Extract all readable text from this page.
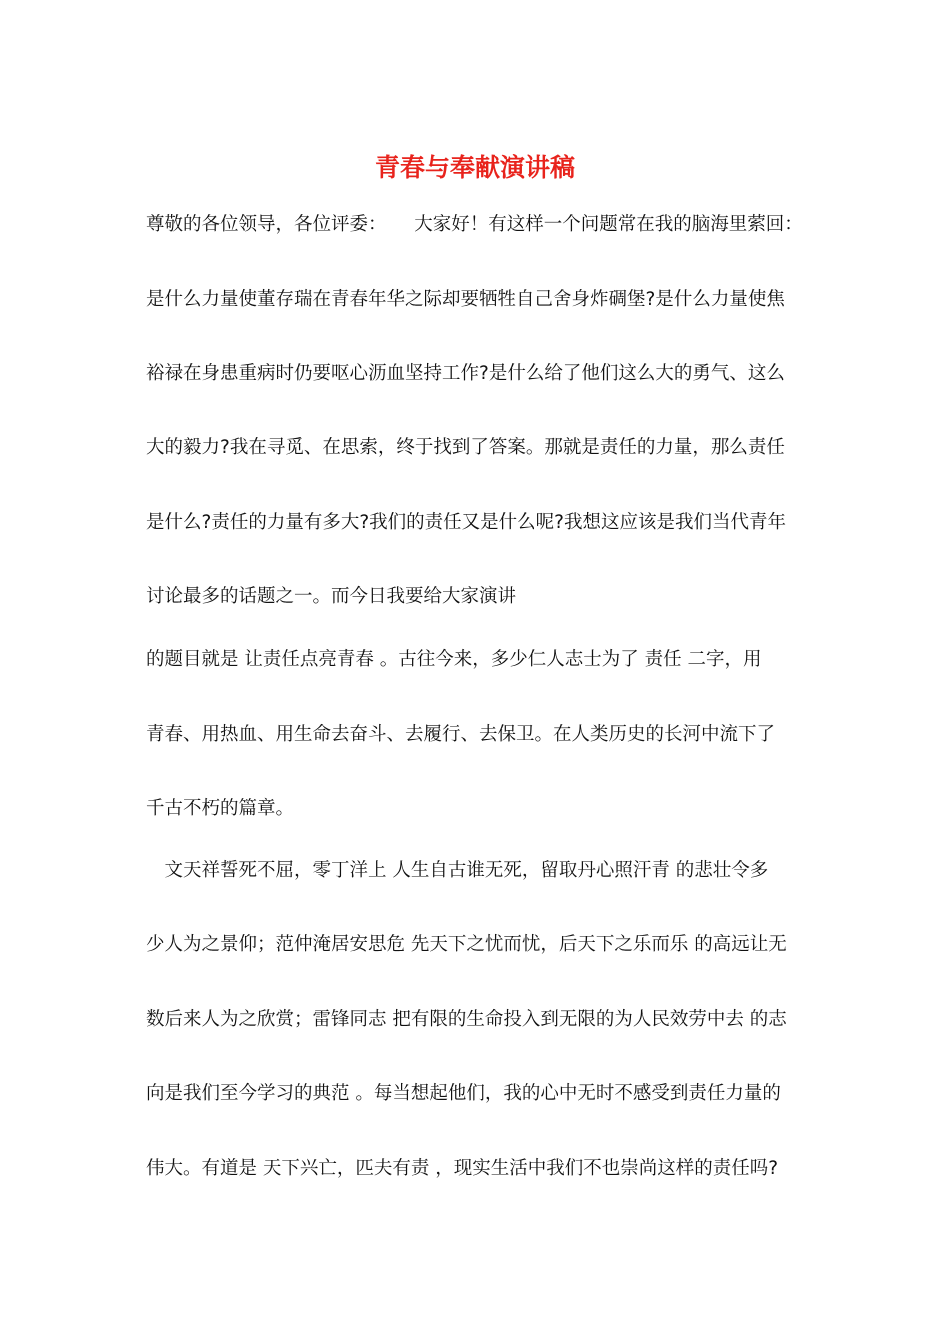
青春与奉献演讲稿
尊敬的各位领导，各位评委：　　大家好！有这样一个问题常在我的脑海里萦回：
是什么力量使董存瑞在青春年华之际却要牺牲自己舍身炸碉堡?是什么力量使焦
裕禄在身患重病时仍要呕心沥血坚持工作?是什么给了他们这么大的勇气、这么
大的毅力?我在寻觅、在思索，终于找到了答案。那就是责任的力量，那么责任
是什么?责任的力量有多大?我们的责任又是什么呢?我想这应该是我们当代青年
讨论最多的话题之一。而今日我要给大家演讲
的题目就是 让责任点亮青春 。古往今来，多少仁人志士为了 责任 二字，用
青春、用热血、用生命去奋斗、去履行、去保卫。在人类历史的长河中流下了
千古不朽的篇章。
　文天祥誓死不屈，零丁洋上 人生自古谁无死，留取丹心照汗青 的悲壮令多
少人为之景仰；范仲淹居安思危 先天下之忧而忧，后天下之乐而乐 的高远让无
数后来人为之欣赏；雷锋同志 把有限的生命投入到无限的为人民效劳中去 的志
向是我们至今学习的典范 。每当想起他们，我的心中无时不感受到责任力量的
伟大。有道是 天下兴亡，匹夫有责 ，现实生活中我们不也崇尚这样的责任吗?
